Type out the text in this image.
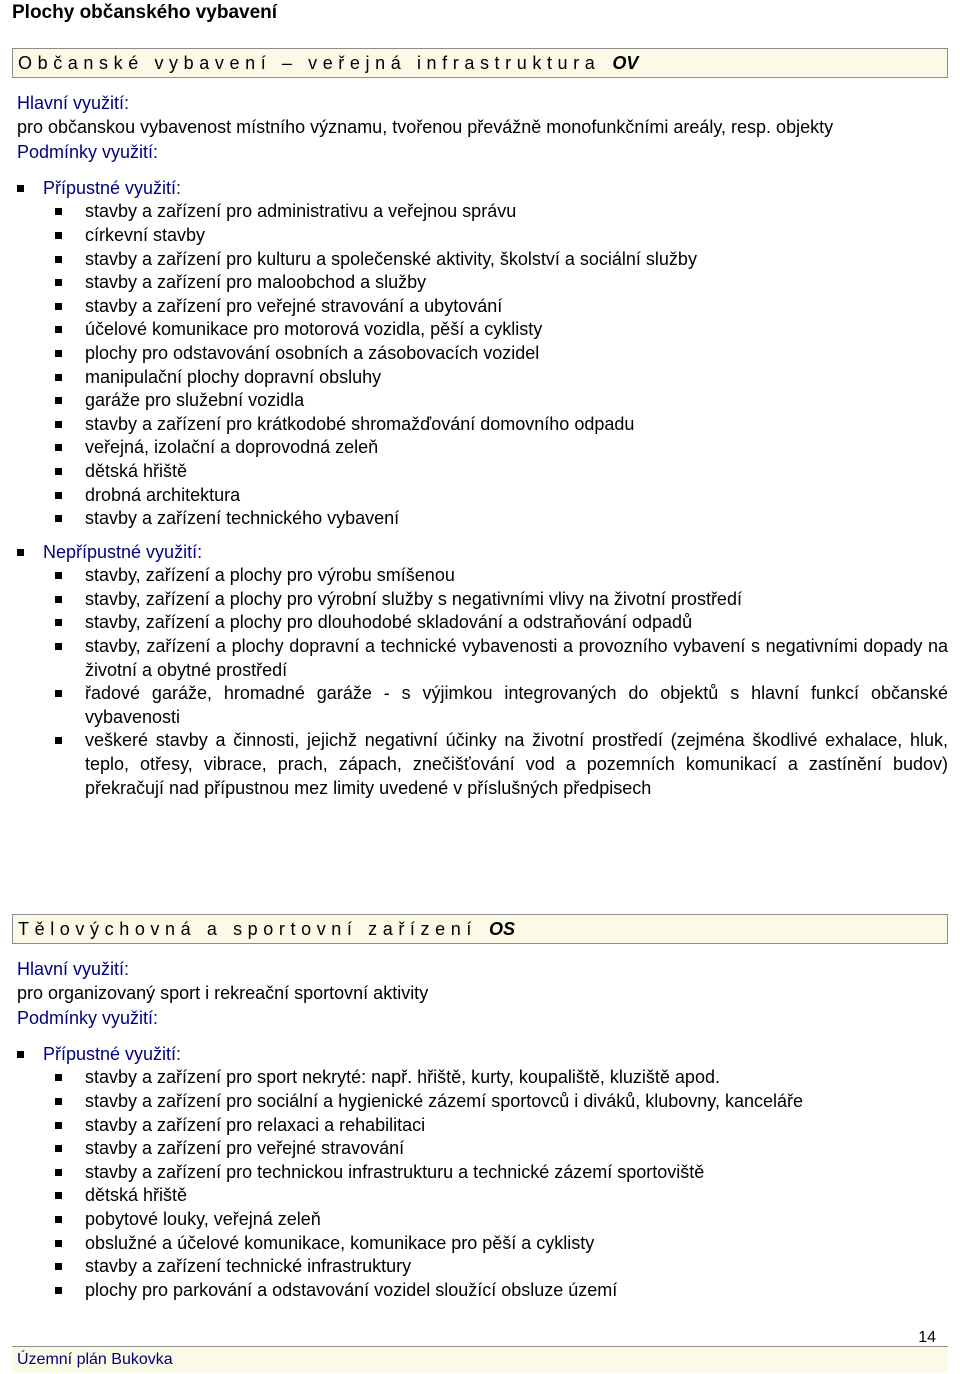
Plochy občanského vybavení
Občanské vybavení – veřejná infrastruktura OV
Hlavní využití:
pro občanskou vybavenost místního významu, tvořenou převážně monofunkčními areály, resp. objekty
Podmínky využití:
Přípustné využití:
stavby a zařízení pro administrativu a veřejnou správu
církevní stavby
stavby a zařízení pro kulturu a společenské aktivity, školství a sociální služby
stavby a zařízení pro maloobchod a služby
stavby a zařízení pro veřejné stravování a ubytování
účelové komunikace pro motorová vozidla, pěší a cyklisty
plochy pro odstavování osobních a zásobovacích vozidel
manipulační plochy dopravní obsluhy
garáže pro služební vozidla
stavby a zařízení pro krátkodobé shromažďování domovního odpadu
veřejná, izolační a doprovodná zeleň
dětská hřiště
drobná architektura
stavby a zařízení technického vybavení
Nepřípustné využití:
stavby, zařízení a plochy pro výrobu smíšenou
stavby, zařízení a plochy pro výrobní služby s negativními vlivy na životní prostředí
stavby, zařízení a plochy pro dlouhodobé skladování a odstraňování odpadů
stavby, zařízení a plochy dopravní a technické vybavenosti a provozního vybavení s negativními dopady na životní a obytné prostředí
řadové garáže, hromadné garáže - s výjimkou integrovaných do objektů s hlavní funkcí občanské vybavenosti
veškeré stavby a činnosti, jejichž negativní účinky na životní prostředí (zejména škodlivé exhalace, hluk, teplo, otřesy, vibrace, prach, zápach, znečišťování vod a pozemních komunikací a zastínění budov) překračují nad přípustnou mez limity uvedené v příslušných předpisech
Tělovýchovná a sportovní zařízení OS
Hlavní využití:
pro organizovaný sport i rekreační sportovní aktivity
Podmínky využití:
Přípustné využití:
stavby a zařízení pro sport nekryté: např. hřiště, kurty, koupaliště, kluziště apod.
stavby a zařízení pro sociální a hygienické zázemí sportovců i diváků, klubovny, kanceláře
stavby a zařízení pro relaxaci a rehabilitaci
stavby a zařízení pro veřejné stravování
stavby a zařízení pro technickou infrastrukturu a technické zázemí sportoviště
dětská hřiště
pobytové louky, veřejná zeleň
obslužné a účelové komunikace, komunikace pro pěší a cyklisty
stavby a zařízení technické infrastruktury
plochy pro parkování a odstavování vozidel sloužící obsluze území
14
Územní plán Bukovka
